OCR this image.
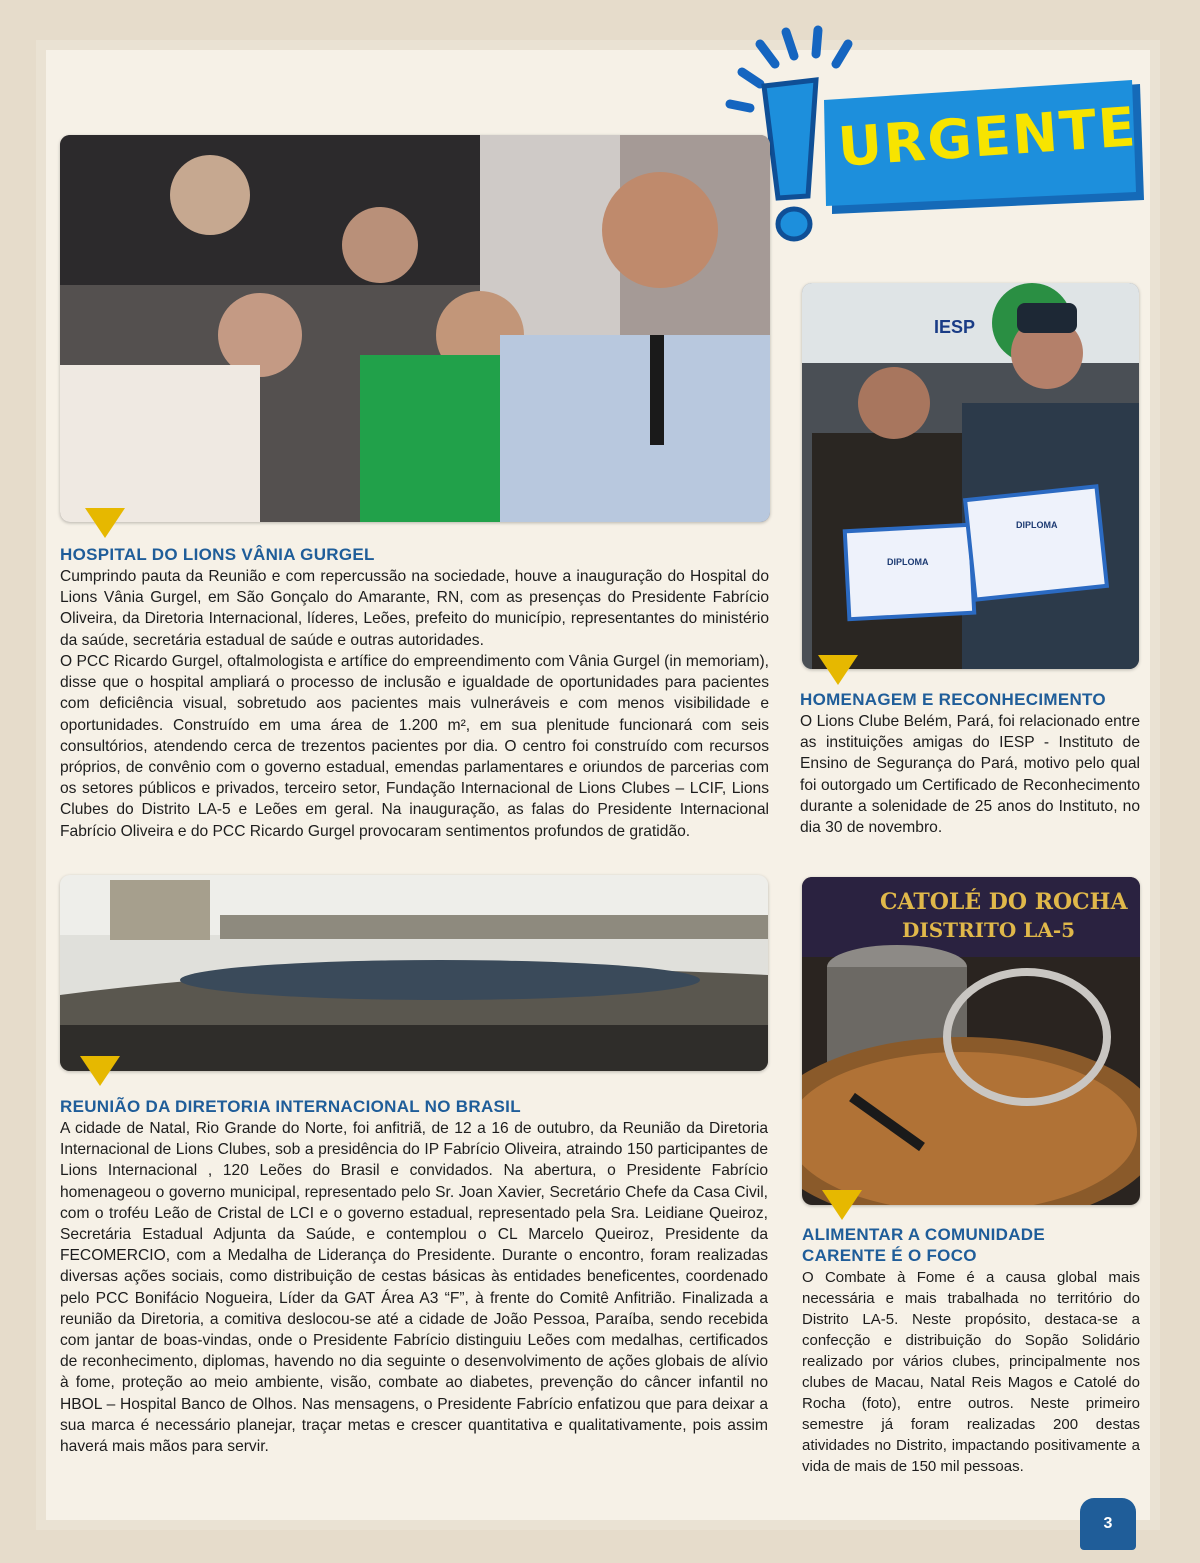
URGENTE
HOSPITAL DO LIONS VÂNIA GURGEL

Cumprindo pauta da Reunião e com repercussão na sociedade, houve a inauguração do Hospital do Lions Vânia Gurgel, em São Gonçalo do Amarante, RN, com as presenças do Presidente Fabrício Oliveira, da Diretoria Internacional, líderes, Leões, prefeito do município, representantes do ministério da saúde, secretária estadual de saúde e outras autoridades.

O PCC Ricardo Gurgel, oftalmologista e artífice do empreendimento com Vânia Gurgel (in memoriam), disse que o hospital ampliará o processo de inclusão e igualdade de oportunidades para pacientes com deficiência visual, sobretudo aos pacientes mais vulneráveis e com menos visibilidade e oportunidades. Construído em uma área de 1.200 m², em sua plenitude funcionará com seis consultórios, atendendo cerca de trezentos pacientes por dia. O centro foi construído com recursos próprios, de convênio com o governo estadual, emendas parlamentares e oriundos de parcerias com os setores públicos e privados, terceiro setor, Fundação Internacional de Lions Clubes – LCIF, Lions Clubes do Distrito LA-5 e Leões em geral. Na inauguração, as falas do Presidente Internacional Fabrício Oliveira e do PCC Ricardo Gurgel provocaram sentimentos profundos de gratidão.

IESP
DIPLOMA
DIPLOMA
HOMENAGEM E RECONHECIMENTO

O Lions Clube Belém, Pará, foi relacionado entre as instituições amigas do IESP - Instituto de Ensino de Segurança do Pará, motivo pelo qual foi outorgado um Certificado de Reconhecimento durante a solenidade de 25 anos do Instituto, no dia 30 de novembro.

REUNIÃO DA DIRETORIA INTERNACIONAL NO BRASIL

A cidade de Natal, Rio Grande do Norte, foi anfitriã, de 12 a 16 de outubro, da Reunião da Diretoria Internacional de Lions Clubes, sob a presidência do IP Fabrício Oliveira, atraindo 150 participantes de Lions Internacional , 120 Leões do Brasil e convidados. Na abertura, o Presidente Fabrício homenageou o governo municipal, representado pelo Sr. Joan Xavier, Secretário Chefe da Casa Civil, com o troféu Leão de Cristal de LCI e o governo estadual, representado pela Sra. Leidiane Queiroz, Secretária Estadual Adjunta da Saúde, e contemplou o CL Marcelo Queiroz, Presidente da FECOMERCIO, com a Medalha de Liderança do Presidente. Durante o encontro, foram realizadas diversas ações sociais, como distribuição de cestas básicas às entidades beneficentes, coordenado pelo PCC Bonifácio Nogueira, Líder da GAT Área A3 “F”, à frente do Comitê Anfitrião. Finalizada a reunião da Diretoria, a comitiva deslocou-se até a cidade de João Pessoa, Paraíba, sendo recebida com jantar de boas-vindas, onde o Presidente Fabrício distinguiu Leões com medalhas, certificados de reconhecimento, diplomas, havendo no dia seguinte o desenvolvimento de ações globais de alívio à fome, proteção ao meio ambiente, visão, combate ao diabetes, prevenção do câncer infantil no HBOL – Hospital Banco de Olhos. Nas mensagens, o Presidente Fabrício enfatizou que para deixar a sua marca é necessário planejar, traçar metas e crescer quantitativa e qualitativamente, pois assim haverá mais mãos para servir.

CATOLÉ DO ROCHA
DISTRITO LA-5
ALIMENTAR A COMUNIDADE
CARENTE É O FOCO

O Combate à Fome é a causa global mais necessária e mais trabalhada no território do Distrito LA-5. Neste propósito, destaca-se a confecção e distribuição do Sopão Solidário realizado por vários clubes, principalmente nos clubes de Macau, Natal Reis Magos e Catolé do Rocha (foto), entre outros. Neste primeiro semestre já foram realizadas 200 destas atividades no Distrito, impactando positivamente a vida de mais de 150 mil pessoas.

3
